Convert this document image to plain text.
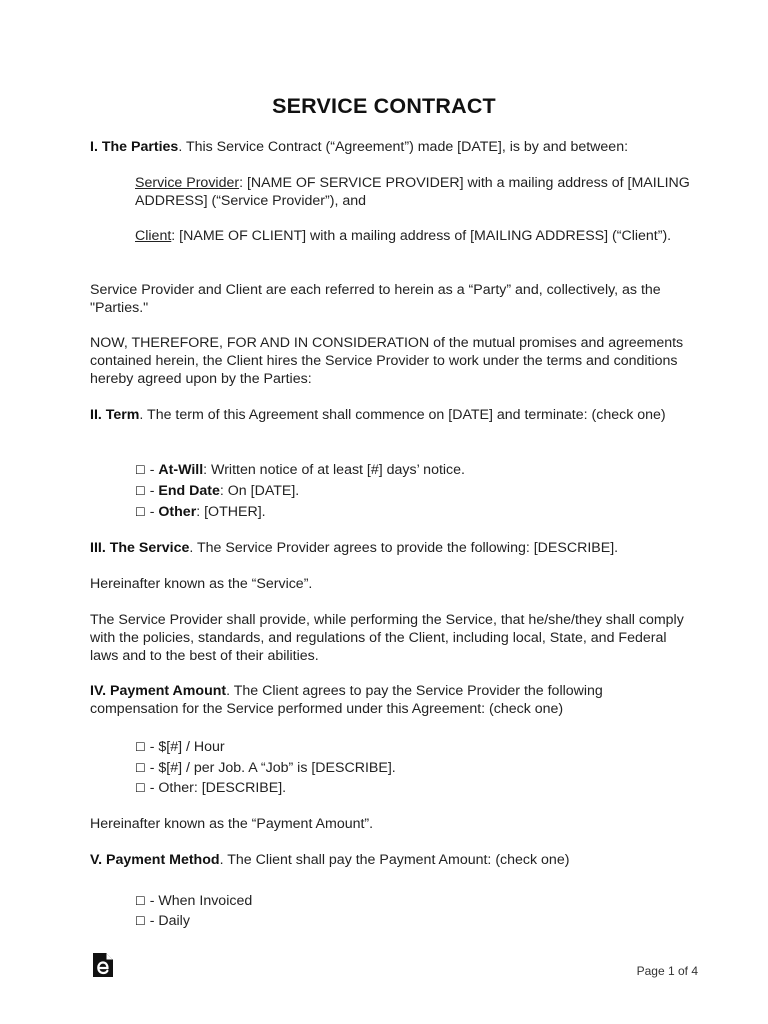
SERVICE CONTRACT

I. The Parties. This Service Contract (“Agreement”) made [DATE], is by and between:

Service Provider: [NAME OF SERVICE PROVIDER] with a mailing address of [MAILING ADDRESS] (“Service Provider”), and

Client: [NAME OF CLIENT] with a mailing address of [MAILING ADDRESS] (“Client”).

Service Provider and Client are each referred to herein as a “Party” and, collectively, as the "Parties."

NOW, THEREFORE, FOR AND IN CONSIDERATION of the mutual promises and agreements contained herein, the Client hires the Service Provider to work under the terms and conditions hereby agreed upon by the Parties:

II. Term. The term of this Agreement shall commence on [DATE] and terminate: (check one)

☐ - At-Will: Written notice of at least [#] days’ notice.

☐ - End Date: On [DATE].

☐ - Other: [OTHER].

III. The Service. The Service Provider agrees to provide the following: [DESCRIBE].

Hereinafter known as the “Service”.

The Service Provider shall provide, while performing the Service, that he/she/they shall comply with the policies, standards, and regulations of the Client, including local, State, and Federal laws and to the best of their abilities.

IV. Payment Amount. The Client agrees to pay the Service Provider the following compensation for the Service performed under this Agreement: (check one)

☐ - $[#] / Hour

☐ - $[#] / per Job. A “Job” is [DESCRIBE].

☐ - Other: [DESCRIBE].

Hereinafter known as the “Payment Amount”.

V. Payment Method. The Client shall pay the Payment Amount: (check one)

☐ - When Invoiced

☐ - Daily

Page 1 of 4
